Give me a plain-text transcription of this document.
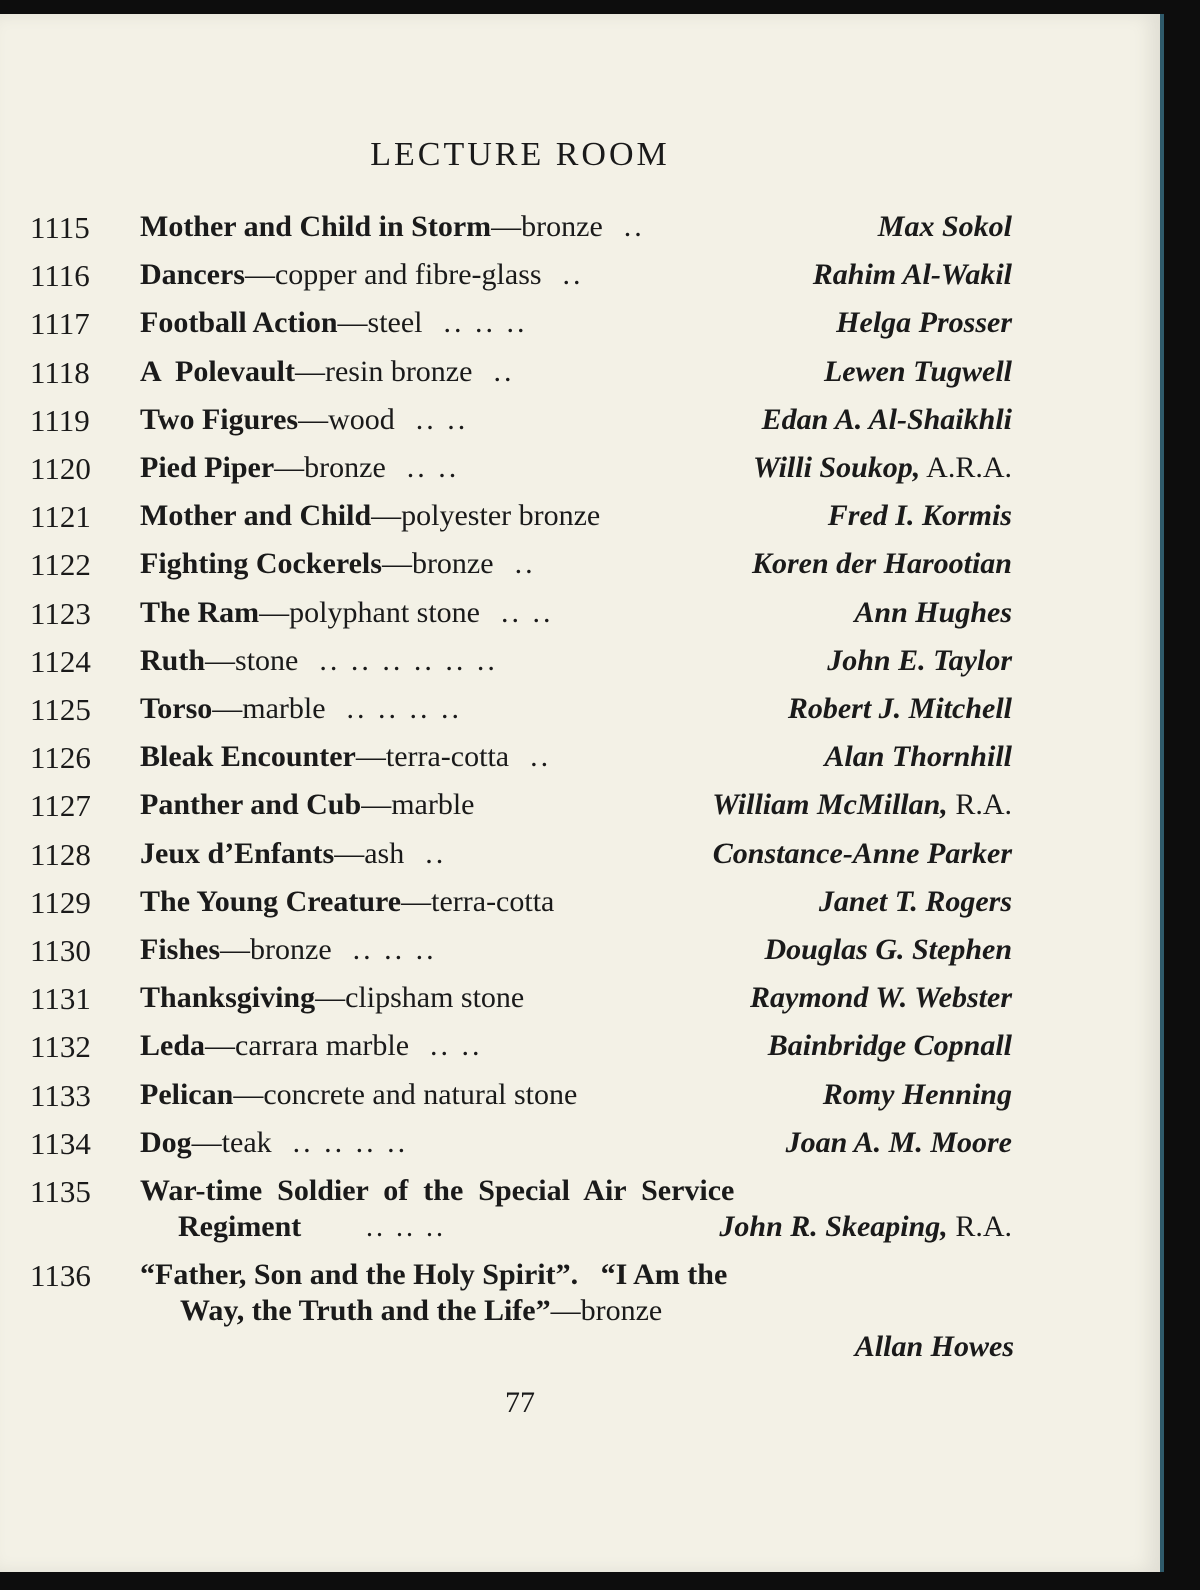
LECTURE ROOM
1115 Mother and Child in Storm—bronze  ..	Max Sokol
1116 Dancers—copper and fibre-glass  ..	Rahim Al-Wakil
1117 Football Action—steel  .. .. ..	Helga Prosser
1118 A  Polevault—resin bronze  ..	Lewen Tugwell
1119 Two Figures—wood  .. ..	Edan A. Al-Shaikhli
1120 Pied Piper—bronze  .. ..	Willi Soukop, A.R.A.
1121 Mother and Child—polyester bronze	Fred I. Kormis
1122 Fighting Cockerels—bronze  ..	Koren der Harootian
1123 The Ram—polyphant stone  .. ..	Ann Hughes
1124 Ruth—stone  .. .. .. .. .. ..	John E. Taylor
1125 Torso—marble  .. .. .. ..	Robert J. Mitchell
1126 Bleak Encounter—terra-cotta  ..	Alan Thornhill
1127 Panther and Cub—marble	William McMillan, R.A.
1128 Jeux d’Enfants—ash  ..	Constance-Anne Parker
1129 The Young Creature—terra-cotta	Janet T. Rogers
1130 Fishes—bronze  .. .. ..	Douglas G. Stephen
1131 Thanksgiving—clipsham stone	Raymond W. Webster
1132 Leda—carrara marble  .. ..	Bainbridge Copnall
1133 Pelican—concrete and natural stone	Romy Henning
1134 Dog—teak  .. .. .. ..	Joan A. M. Moore
1135 War-time  Soldier  of  the  Special  Air  Service
Regiment .. .. ..	John R. Skeaping, R.A.
1136 “Father, Son and the Holy Spirit”.   “I Am the
Way, the Truth and the Life”—bronze
Allan Howes
77
